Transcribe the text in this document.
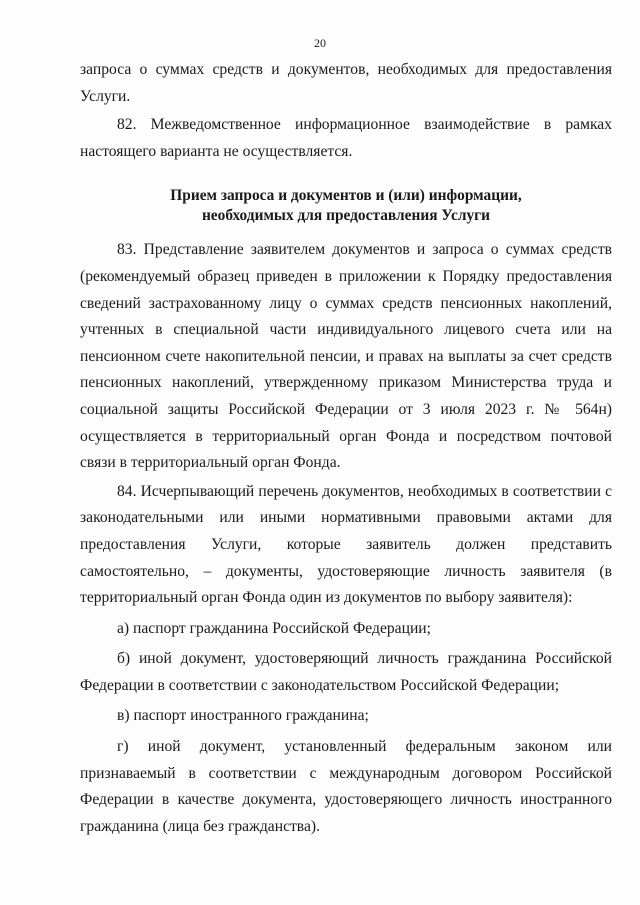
20

запроса о суммах средств и документов, необходимых для предоставления Услуги.

82. Межведомственное информационное взаимодействие в рамках настоящего варианта не осуществляется.

Прием запроса и документов и (или) информации,
необходимых для предоставления Услуги

83. Представление заявителем документов и запроса о суммах средств (рекомендуемый образец приведен в приложении к Порядку предоставления сведений застрахованному лицу о суммах средств пенсионных накоплений, учтенных в специальной части индивидуального лицевого счета или на пенсионном счете накопительной пенсии, и правах на выплаты за счет средств пенсионных накоплений, утвержденному приказом Министерства труда и социальной защиты Российской Федерации от 3 июля 2023 г. № 564н) осуществляется в территориальный орган Фонда и посредством почтовой связи в территориальный орган Фонда.

84. Исчерпывающий перечень документов, необходимых в соответствии с законодательными или иными нормативными правовыми актами для предоставления Услуги, которые заявитель должен представить самостоятельно, – документы, удостоверяющие личность заявителя (в территориальный орган Фонда один из документов по выбору заявителя):

а) паспорт гражданина Российской Федерации;

б) иной документ, удостоверяющий личность гражданина Российской Федерации в соответствии с законодательством Российской Федерации;

в) паспорт иностранного гражданина;

г) иной документ, установленный федеральным законом или признаваемый в соответствии с международным договором Российской Федерации в качестве документа, удостоверяющего личность иностранного гражданина (лица без гражданства).
